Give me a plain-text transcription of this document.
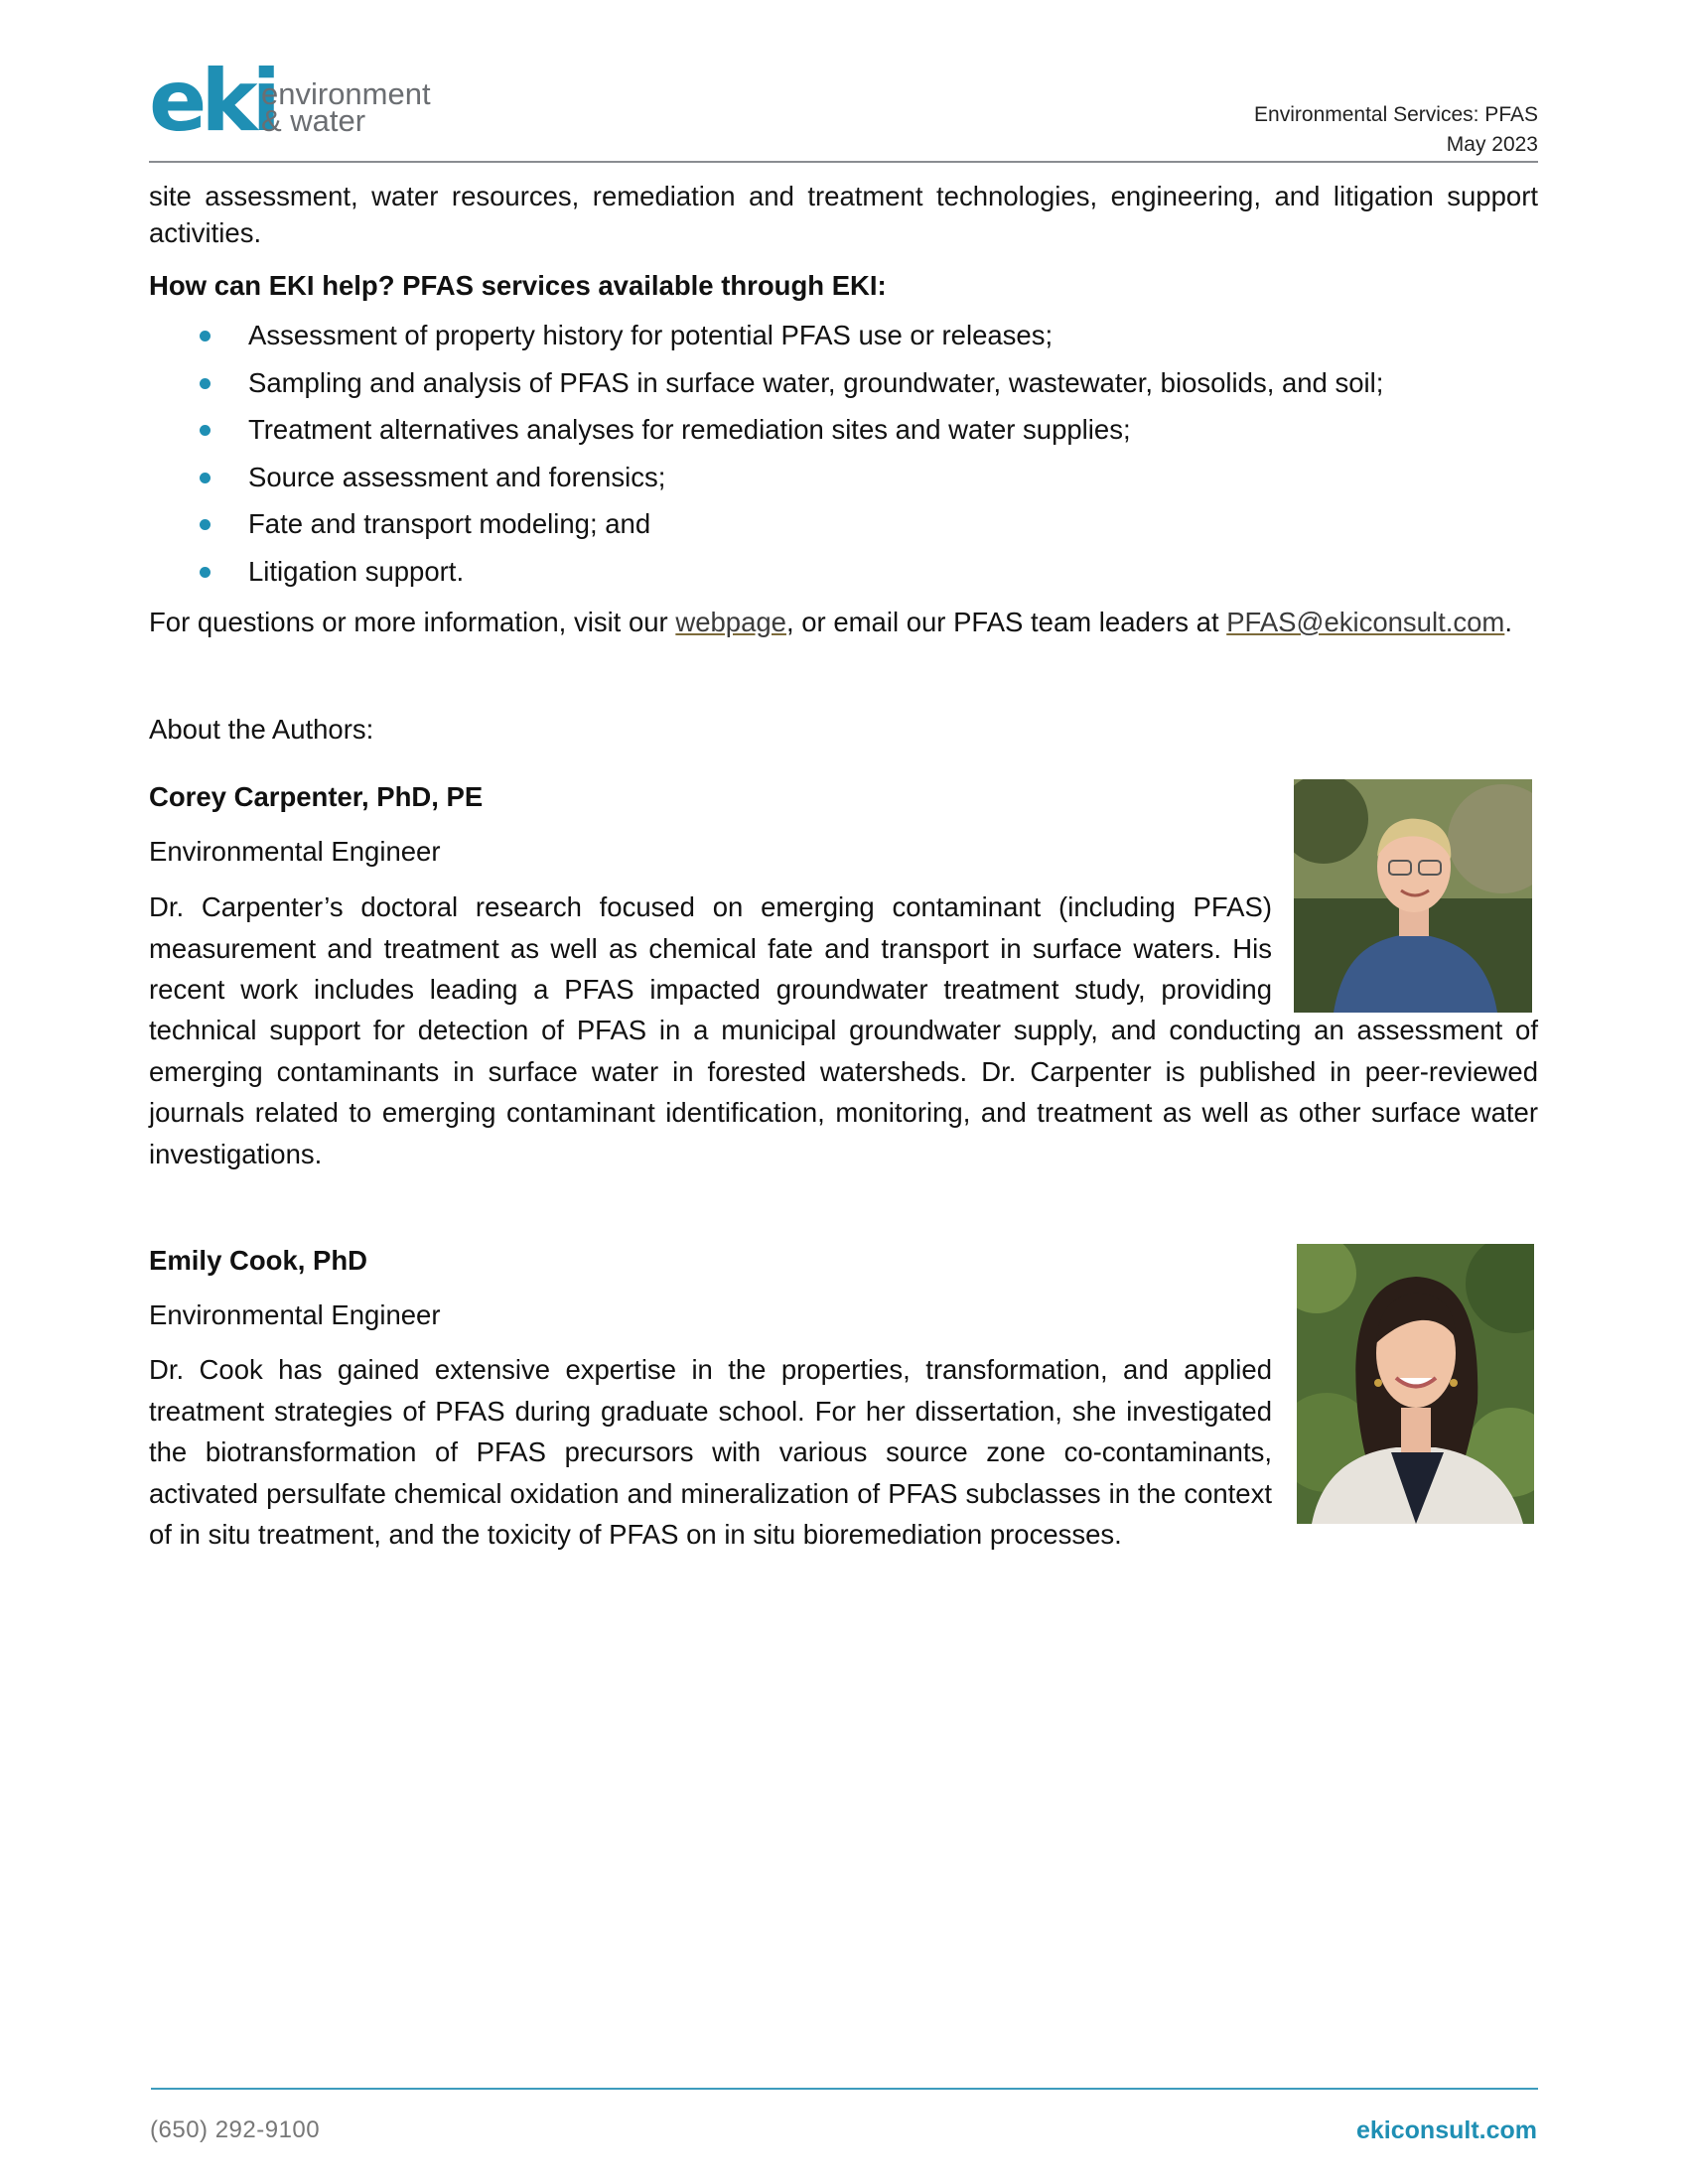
eki
environment
& water	Environmental Services: PFAS
May 2023
site assessment, water resources, remediation and treatment technologies, engineering, and litigation support activities.
How can EKI help? PFAS services available through EKI:
Assessment of property history for potential PFAS use or releases;
Sampling and analysis of PFAS in surface water, groundwater, wastewater, biosolids, and soil;
Treatment alternatives analyses for remediation sites and water supplies;
Source assessment and forensics;
Fate and transport modeling; and
Litigation support.
For questions or more information, visit our webpage, or email our PFAS team leaders at PFAS@ekiconsult.com.
About the Authors:
Corey Carpenter, PhD, PE
Environmental Engineer
Dr. Carpenter’s doctoral research focused on emerging contaminant (including PFAS)
measurement and treatment as well as chemical fate and transport in surface waters. His
recent work includes leading a PFAS impacted groundwater treatment study, providing
technical support for detection of PFAS in a municipal groundwater supply, and conducting an assessment of emerging contaminants in surface water in forested watersheds. Dr. Carpenter is published in peer-reviewed journals related to emerging contaminant identification, monitoring, and treatment as well as other surface water investigations.
Emily Cook, PhD
Environmental Engineer
Dr. Cook has gained extensive expertise in the properties, transformation, and applied treatment strategies of PFAS during graduate school. For her dissertation, she investigated the biotransformation of PFAS precursors with various source zone co-contaminants, activated persulfate chemical oxidation and mineralization of PFAS subclasses in the context of in situ treatment, and the toxicity of PFAS on in situ bioremediation processes.
(650) 292-9100	ekiconsult.com
